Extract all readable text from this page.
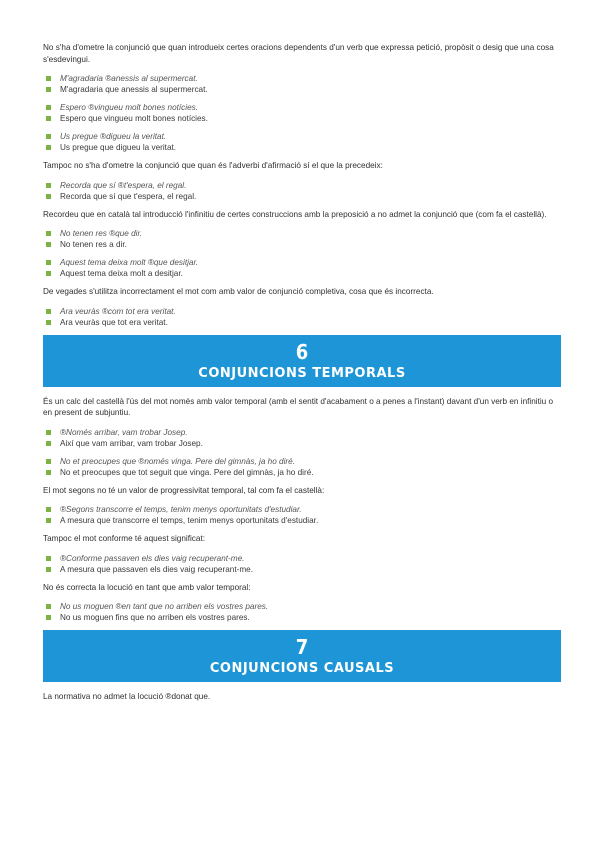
No s'ha d'ometre la conjunció que quan introdueix certes oracions dependents d'un verb que expressa petició, propòsit o desig que una cosa s'esdevingui.

M'agradaria ®anessis al supermercat.
M'agradaria que anessis al supermercat.
Espero ®vingueu molt bones notícies.
Espero que vingueu molt bones notícies.
Us pregue ®digueu la veritat.
Us pregue que digueu la veritat.

Tampoc no s'ha d'ometre la conjunció que quan és l'adverbi d'afirmació sí el que la precedeix:

Recorda que sí ®t'espera, el regal.
Recorda que sí que t'espera, el regal.

Recordeu que en català tal introducció l'infinitiu de certes construccions amb la preposició a no admet la conjunció que (com fa el castellà).

No tenen res ®que dir.
No tenen res a dir.
Aquest tema deixa molt ®que desitjar.
Aquest tema deixa molt a desitjar.

De vegades s'utilitza incorrectament el mot com amb valor de conjunció completiva, cosa que és incorrecta.

Ara veuràs ®com tot era veritat.
Ara veuràs que tot era veritat.
6
CONJUNCIONS TEMPORALS

És un calc del castellà l'ús del mot només amb valor temporal (amb el sentit d'acabament o a penes a l'instant) davant d'un verb en infinitiu o en present de subjuntiu.

®Només arribar, vam trobar Josep.
Així que vam arribar, vam trobar Josep.
No et preocupes que ®només vinga. Pere del gimnàs, ja ho diré.
No et preocupes que tot seguit que vinga. Pere del gimnàs, ja ho diré.

El mot segons no té un valor de progressivitat temporal, tal com fa el castellà:

®Segons transcorre el temps, tenim menys oportunitats d'estudiar.
A mesura que transcorre el temps, tenim menys oportunitats d'estudiar.

Tampoc el mot conforme té aquest significat:

®Conforme passaven els dies vaig recuperant-me.
A mesura que passaven els dies vaig recuperant-me.

No és correcta la locució en tant que amb valor temporal:

No us moguen ®en tant que no arriben els vostres pares.
No us moguen fins que no arriben els vostres pares.
7
CONJUNCIONS CAUSALS

La normativa no admet la locució ®donat que.
